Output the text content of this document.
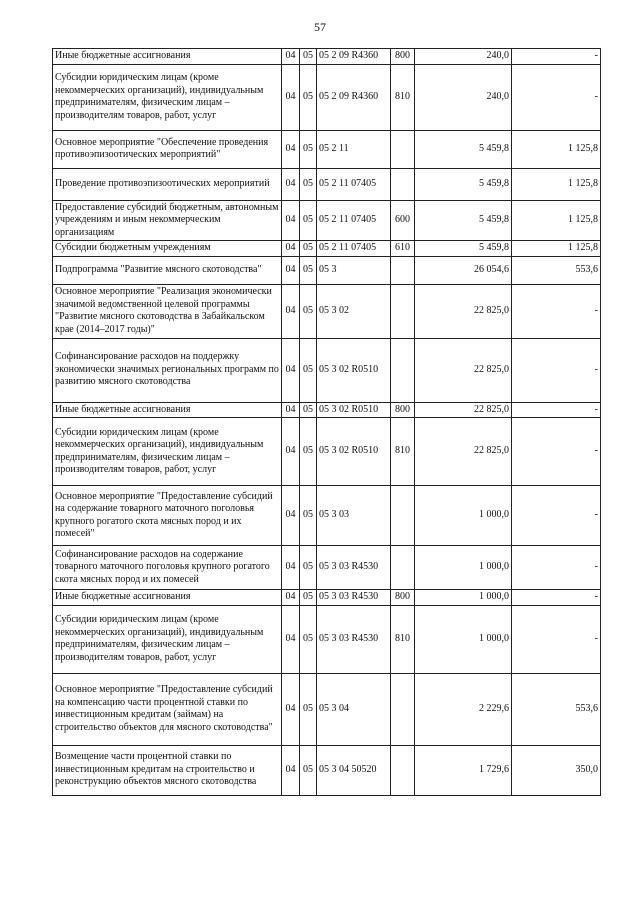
57
Иные бюджетные ассигнования	04	05	05 2 09 R4360	800	240,0	-
Субсидии юридическим лицам (кроме некоммерческих организаций), индивидуальным предпринимателям, физическим лицам – производителям товаров, работ, услуг	04	05	05 2 09 R4360	810	240,0	-
Основное мероприятие "Обеспечение проведения противоэпизоотических мероприятий"	04	05	05 2 11		5 459,8	1 125,8
Проведение противоэпизоотических мероприятий	04	05	05 2 11 07405		5 459,8	1 125,8
Предоставление субсидий бюджетным, автономным учреждениям и иным некоммерческим организациям	04	05	05 2 11 07405	600	5 459,8	1 125,8
Субсидии бюджетным учреждениям	04	05	05 2 11 07405	610	5 459,8	1 125,8
Подпрограмма "Развитие мясного скотоводства"	04	05	05 3		26 054,6	553,6
Основное мероприятие "Реализация экономически значимой ведомственной целевой программы "Развитие мясного скотоводства в Забайкальском крае (2014–2017 годы)"	04	05	05 3 02		22 825,0	-
Софинансирование расходов на поддержку экономически значимых региональных программ по развитию мясного скотоводства	04	05	05 3 02 R0510		22 825,0	-
Иные бюджетные ассигнования	04	05	05 3 02 R0510	800	22 825,0	-
Субсидии юридическим лицам (кроме некоммерческих организаций), индивидуальным предпринимателям, физическим лицам – производителям товаров, работ, услуг	04	05	05 3 02 R0510	810	22 825,0	-
Основное мероприятие "Предоставление субсидий на содержание товарного маточного поголовья крупного рогатого скота мясных пород и их помесей"	04	05	05 3 03		1 000,0	-
Софинансирование расходов на содержание товарного маточного поголовья крупного рогатого скота мясных пород и их помесей	04	05	05 3 03 R4530		1 000,0	-
Иные бюджетные ассигнования	04	05	05 3 03 R4530	800	1 000,0	-
Субсидии юридическим лицам (кроме некоммерческих организаций), индивидуальным предпринимателям, физическим лицам – производителям товаров, работ, услуг	04	05	05 3 03 R4530	810	1 000,0	-
Основное мероприятие "Предоставление субсидий на компенсацию части процентной ставки по инвестиционным кредитам (займам) на строительство объектов для мясного скотоводства"	04	05	05 3 04		2 229,6	553,6
Возмещение части процентной ставки по инвестиционным кредитам на строительство и реконструкцию объектов мясного скотоводства	04	05	05 3 04 50520		1 729,6	350,0
